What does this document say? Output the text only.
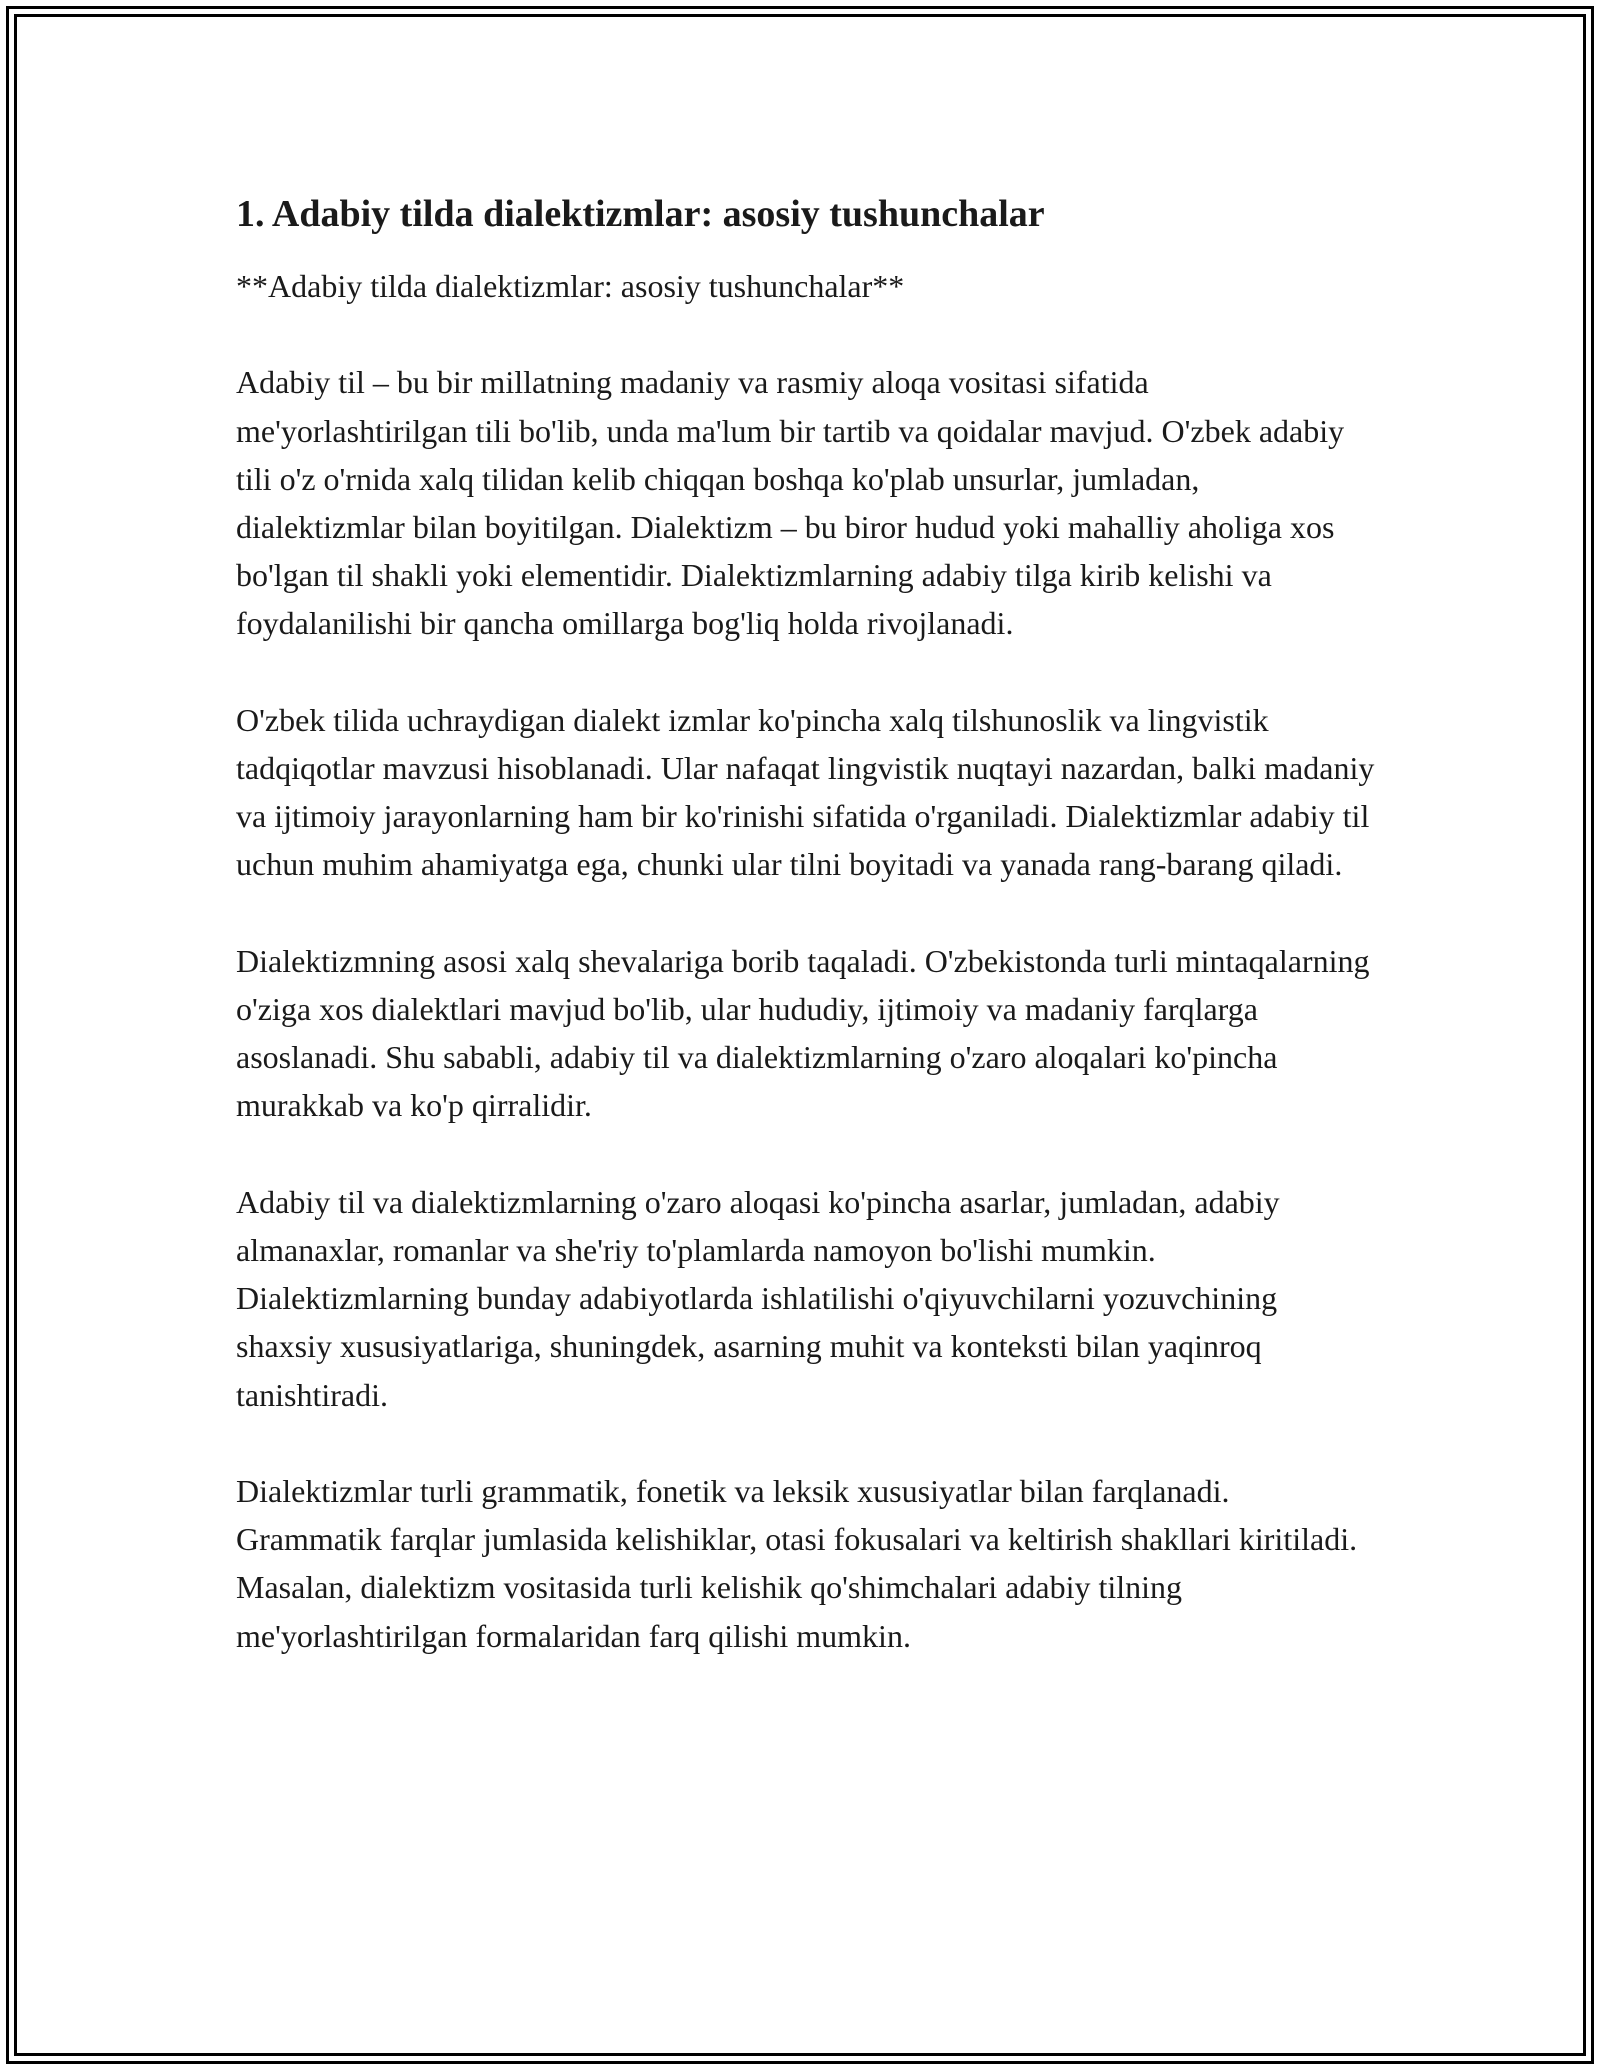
1. Adabiy tilda dialektizmlar: asosiy tushunchalar

**Adabiy tilda dialektizmlar: asosiy tushunchalar**

Adabiy til – bu bir millatning madaniy va rasmiy aloqa vositasi sifatida me'yorlashtirilgan tili bo'lib, unda ma'lum bir tartib va qoidalar mavjud. O'zbek adabiy tili o'z o'rnida xalq tilidan kelib chiqqan boshqa ko'plab unsurlar, jumladan, dialektizmlar bilan boyitilgan. Dialektizm – bu biror hudud yoki mahalliy aholiga xos bo'lgan til shakli yoki elementidir. Dialektizmlarning adabiy tilga kirib kelishi va foydalanilishi bir qancha omillarga bog'liq holda rivojlanadi.

O'zbek tilida uchraydigan dialekt izmlar ko'pincha xalq tilshunoslik va lingvistik tadqiqotlar mavzusi hisoblanadi. Ular nafaqat lingvistik nuqtayi nazardan, balki madaniy va ijtimoiy jarayonlarning ham bir ko'rinishi sifatida o'rganiladi. Dialektizmlar adabiy til uchun muhim ahamiyatga ega, chunki ular tilni boyitadi va yanada rang-barang qiladi.

Dialektizmning asosi xalq shevalariga borib taqaladi. O'zbekistonda turli mintaqalarning o'ziga xos dialektlari mavjud bo'lib, ular hududiy, ijtimoiy va madaniy farqlarga asoslanadi. Shu sababli, adabiy til va dialektizmlarning o'zaro aloqalari ko'pincha murakkab va ko'p qirralidir.

Adabiy til va dialektizmlarning o'zaro aloqasi ko'pincha asarlar, jumladan, adabiy almanaxlar, romanlar va she'riy to'plamlarda namoyon bo'lishi mumkin. Dialektizmlarning bunday adabiyotlarda ishlatilishi o'qiyuvchilarni yozuvchining shaxsiy xususiyatlariga, shuningdek, asarning muhit va konteksti bilan yaqinroq tanishtiradi.

Dialektizmlar turli grammatik, fonetik va leksik xususiyatlar bilan farqlanadi. Grammatik farqlar jumlasida kelishiklar, otasi fokusalari va keltirish shakllari kiritiladi. Masalan, dialektizm vositasida turli kelishik qo'shimchalari adabiy tilning me'yorlashtirilgan formalaridan farq qilishi mumkin.
